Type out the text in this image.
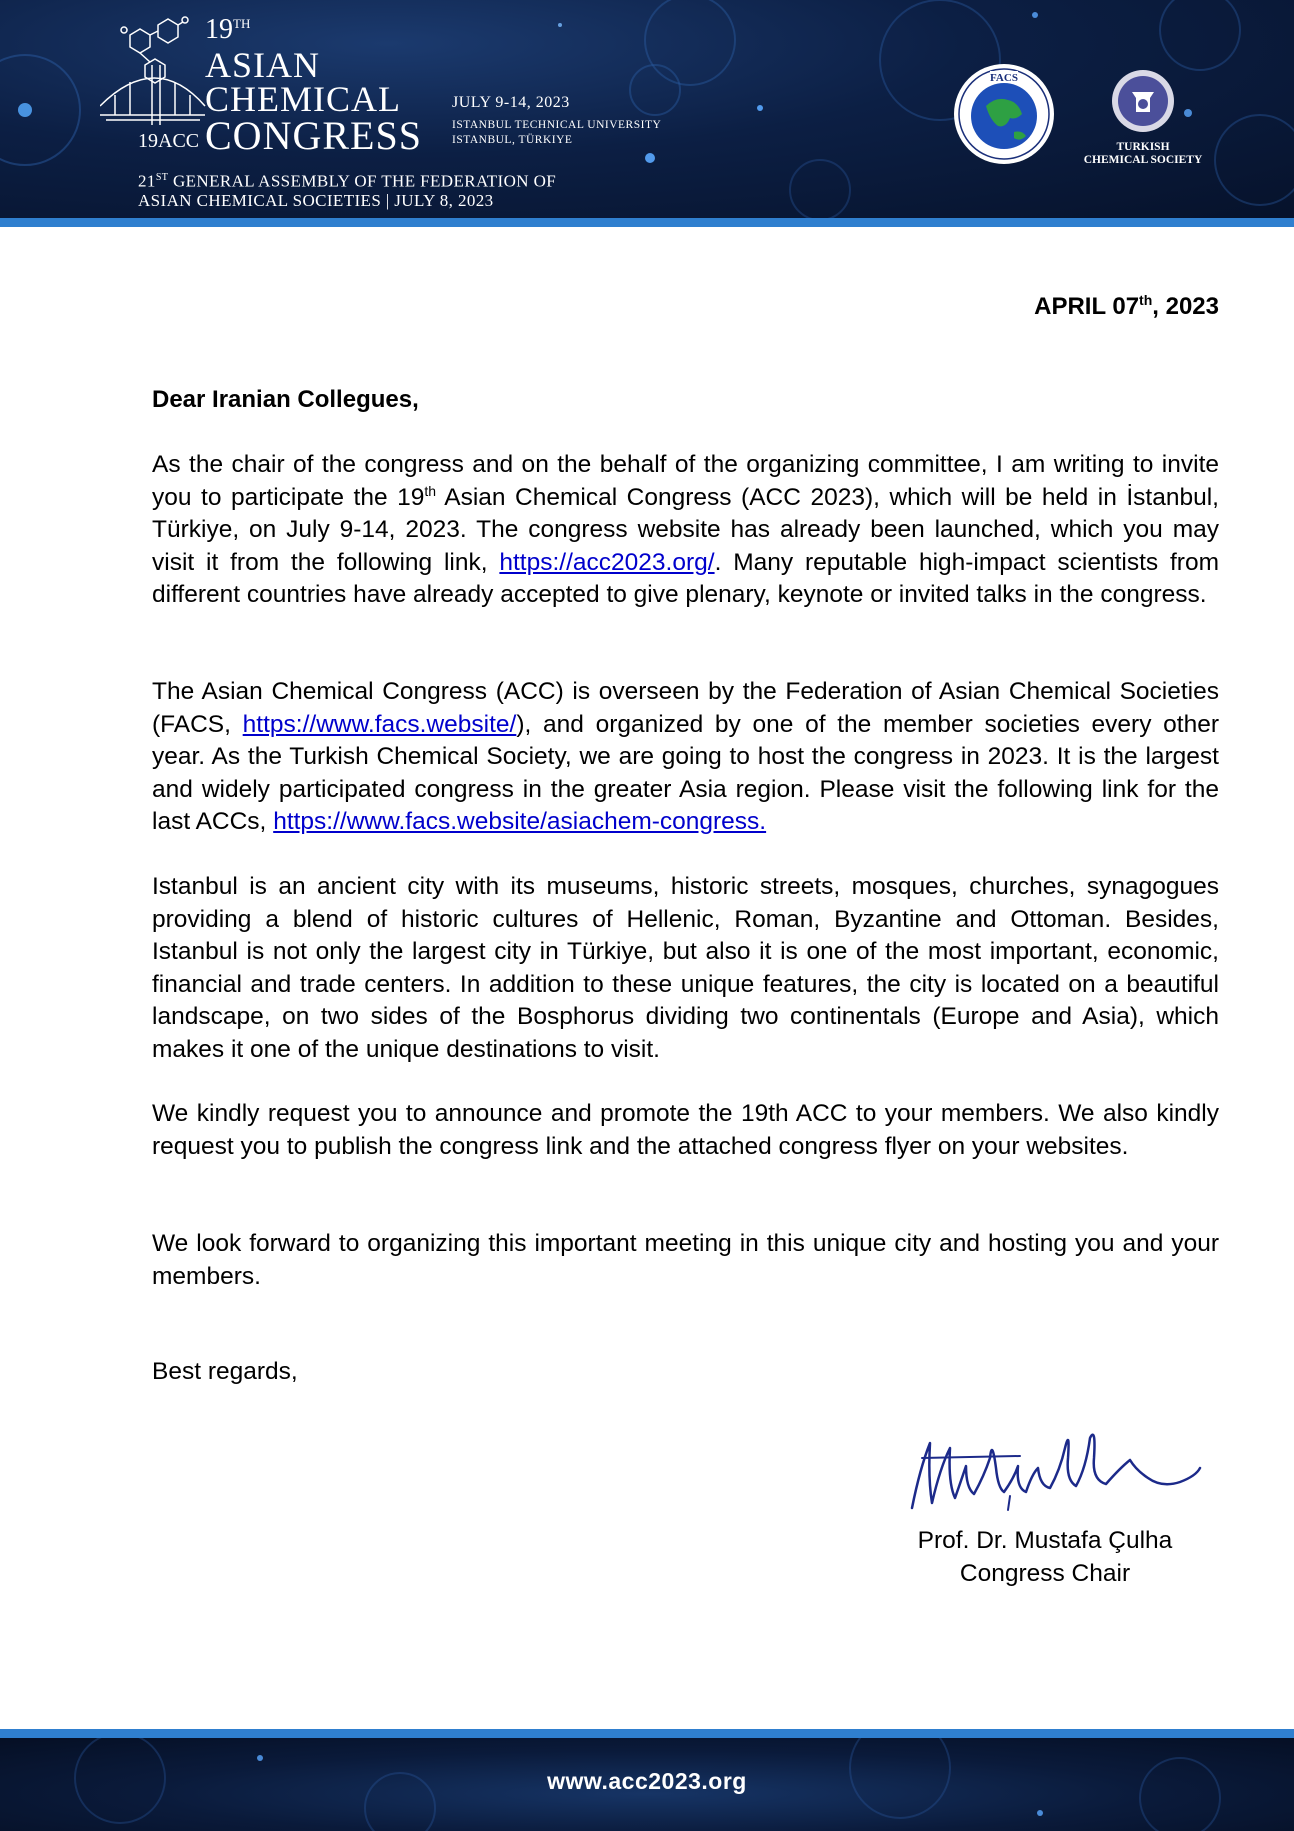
19TH
ASIAN
CHEMICAL
CONGRESS
19ACC
JULY 9-14, 2023
ISTANBUL TECHNICAL UNIVERSITY
ISTANBUL, TÜRKIYE
21ST GENERAL ASSEMBLY OF THE FEDERATION OF
ASIAN CHEMICAL SOCIETIES | JULY 8, 2023
FACS
TURKISH
CHEMICAL SOCIETY
APRIL 07th, 2023
Dear Iranian Collegues,

As the chair of the congress and on the behalf of the organizing committee, I am writing to invite you to participate the 19th Asian Chemical Congress (ACC 2023), which will be held in İstanbul, Türkiye, on July 9-14, 2023. The congress website has already been launched, which you may visit it from the following link, https://acc2023.org/. Many reputable high-impact scientists from different countries have already accepted to give plenary, keynote or invited talks in the congress.

The Asian Chemical Congress (ACC) is overseen by the Federation of Asian Chemical Societies (FACS, https://www.facs.website/), and organized by one of the member societies every other year. As the Turkish Chemical Society, we are going to host the congress in 2023. It is the largest and widely participated congress in the greater Asia region. Please visit the following link for the last ACCs, https://www.facs.website/asiachem-congress.

Istanbul is an ancient city with its museums, historic streets, mosques, churches, synagogues providing a blend of historic cultures of Hellenic, Roman, Byzantine and Ottoman. Besides, Istanbul is not only the largest city in Türkiye, but also it is one of the most important, economic, financial and trade centers. In addition to these unique features, the city is located on a beautiful landscape, on two sides of the Bosphorus dividing two continentals (Europe and Asia), which makes it one of the unique destinations to visit.

We kindly request you to announce and promote the 19th ACC to your members. We also kindly request you to publish the congress link and the attached congress flyer on your websites.

We look forward to organizing this important meeting in this unique city and hosting you and your members.

Best regards,
Prof. Dr. Mustafa Çulha
Congress Chair
www.acc2023.org
